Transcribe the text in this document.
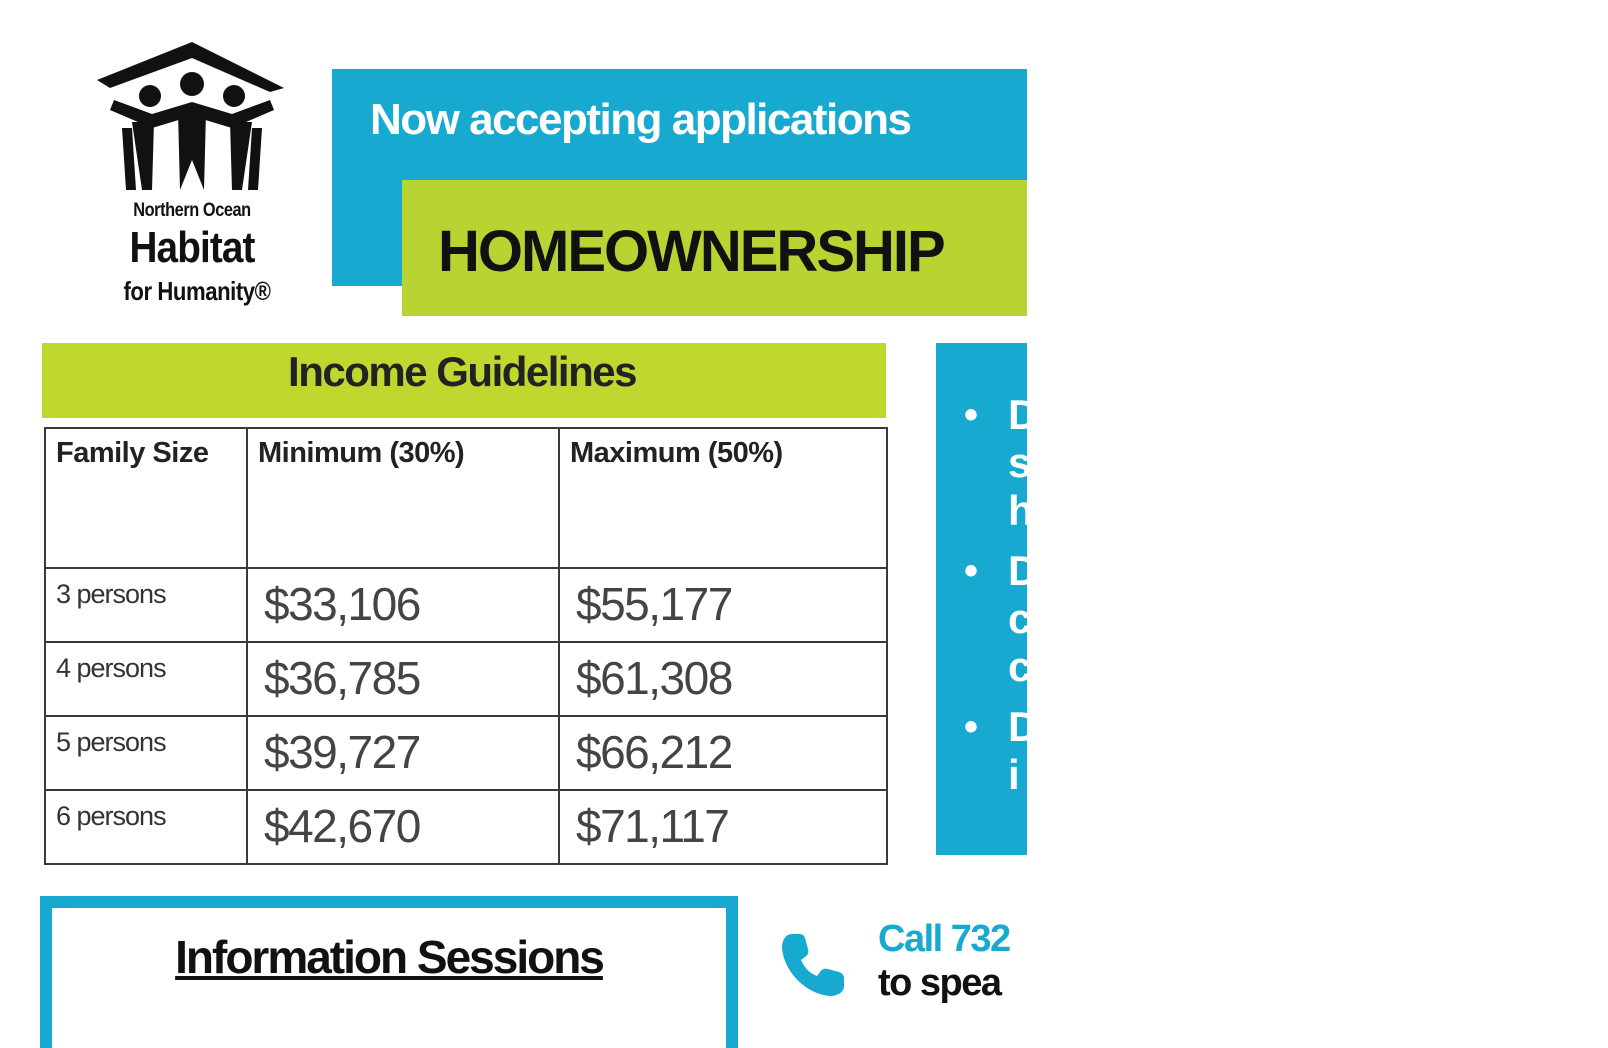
Northern Ocean
Habitat
for Humanity®
Now accepting applications
HOMEOWNERSHIP
Income Guidelines
Family Size	Minimum (30%)	Maximum (50%)
3 persons	$33,106	$55,177
4 persons	$36,785	$61,308
5 persons	$39,727	$66,212
6 persons	$42,670	$71,117
• D
s
h
• D
c
c
• D
i
Information Sessions	Call 732
to spea
